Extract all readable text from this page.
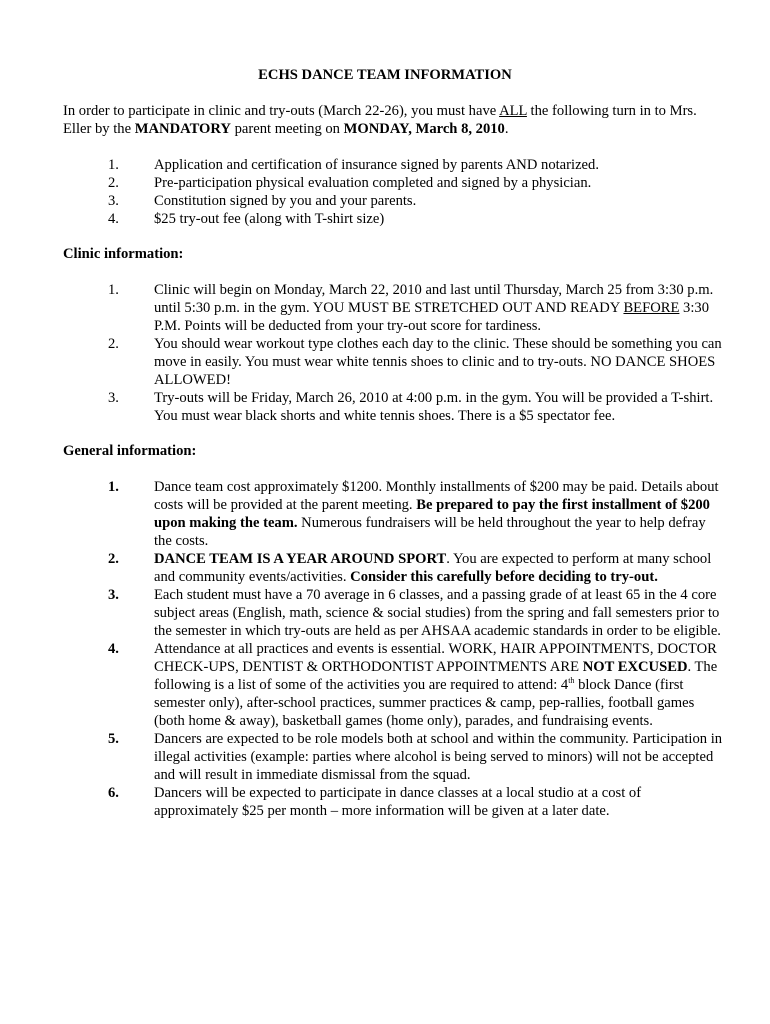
ECHS DANCE TEAM INFORMATION

In order to participate in clinic and try-outs (March 22-26), you must have ALL the following turn in to Mrs. Eller by the MANDATORY parent meeting on MONDAY, March 8, 2010.

1.	Application and certification of insurance signed by parents AND notarized.
2.	Pre-participation physical evaluation completed and signed by a physician.
3.	Constitution signed by you and your parents.
4.	$25 try-out fee (along with T-shirt size)
Clinic information:
1.	Clinic will begin on Monday, March 22, 2010 and last until Thursday, March 25 from 3:30 p.m. until 5:30 p.m. in the gym. YOU MUST BE STRETCHED OUT AND READY BEFORE 3:30 P.M. Points will be deducted from your try-out score for tardiness.
2.	You should wear workout type clothes each day to the clinic. These should be something you can move in easily. You must wear white tennis shoes to clinic and to try-outs. NO DANCE SHOES ALLOWED!
3.	Try-outs will be Friday, March 26, 2010 at 4:00 p.m. in the gym. You will be provided a T-shirt. You must wear black shorts and white tennis shoes. There is a $5 spectator fee.
General information:
1.	Dance team cost approximately $1200. Monthly installments of $200 may be paid. Details about costs will be provided at the parent meeting. Be prepared to pay the first installment of $200 upon making the team. Numerous fundraisers will be held throughout the year to help defray the costs.
2.	DANCE TEAM IS A YEAR AROUND SPORT. You are expected to perform at many school and community events/activities. Consider this carefully before deciding to try-out.
3.	Each student must have a 70 average in 6 classes, and a passing grade of at least 65 in the 4 core subject areas (English, math, science & social studies) from the spring and fall semesters prior to the semester in which try-outs are held as per AHSAA academic standards in order to be eligible.
4.	Attendance at all practices and events is essential. WORK, HAIR APPOINTMENTS, DOCTOR CHECK-UPS, DENTIST & ORTHODONTIST APPOINTMENTS ARE NOT EXCUSED. The following is a list of some of the activities you are required to attend: 4th block Dance (first semester only), after-school practices, summer practices & camp, pep-rallies, football games (both home & away), basketball games (home only), parades, and fundraising events.
5.	Dancers are expected to be role models both at school and within the community. Participation in illegal activities (example: parties where alcohol is being served to minors) will not be accepted and will result in immediate dismissal from the squad.
6.	Dancers will be expected to participate in dance classes at a local studio at a cost of approximately $25 per month – more information will be given at a later date.
